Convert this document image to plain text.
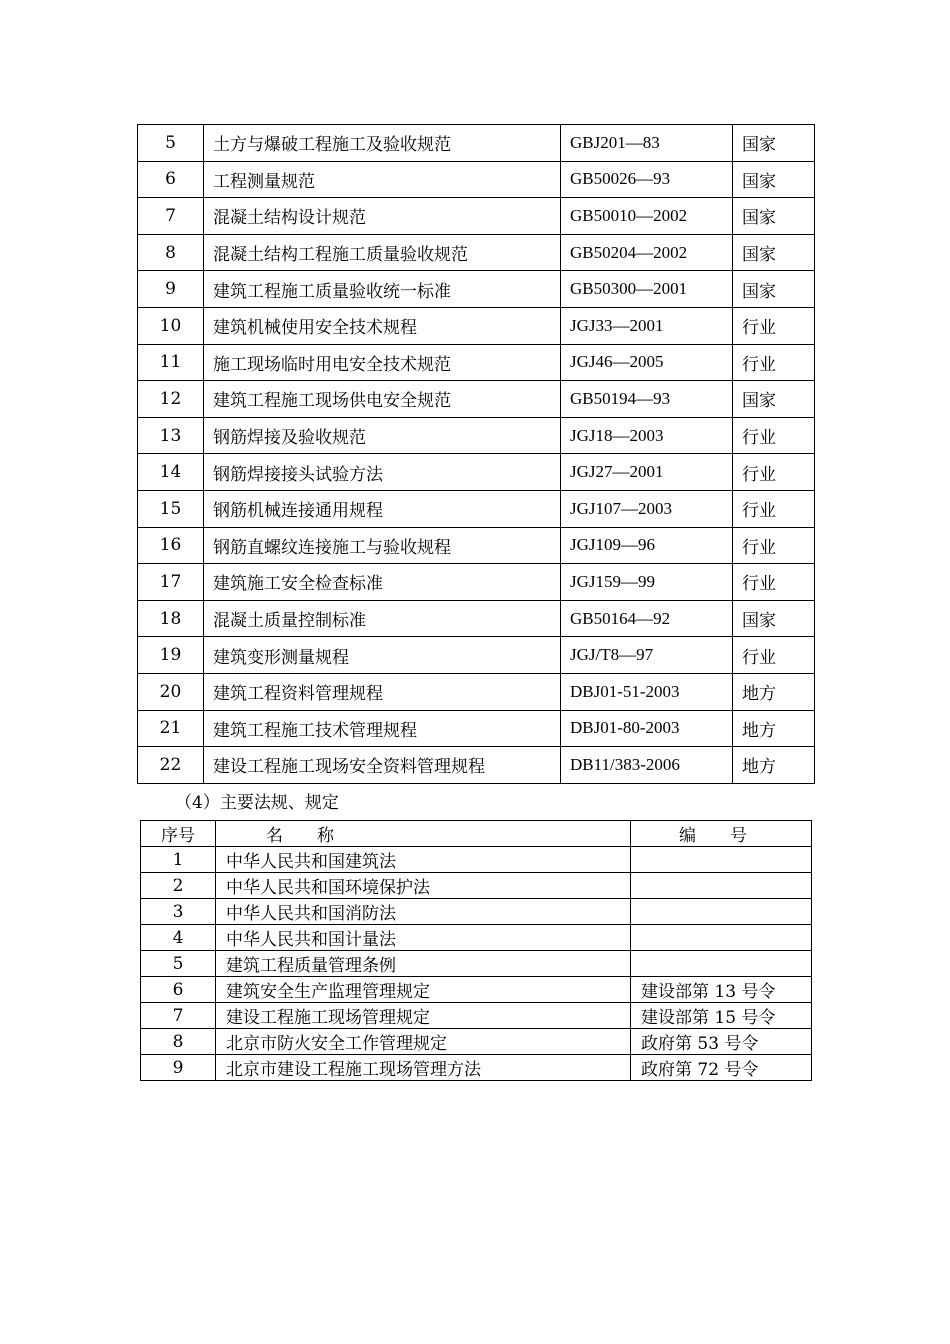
5	土方与爆破工程施工及验收规范	GBJ201—83	国家
6	工程测量规范	GB50026—93	国家
7	混凝土结构设计规范	GB50010—2002	国家
8	混凝土结构工程施工质量验收规范	GB50204—2002	国家
9	建筑工程施工质量验收统一标准	GB50300—2001	国家
10	建筑机械使用安全技术规程	JGJ33—2001	行业
11	施工现场临时用电安全技术规范	JGJ46—2005	行业
12	建筑工程施工现场供电安全规范	GB50194—93	国家
13	钢筋焊接及验收规范	JGJ18—2003	行业
14	钢筋焊接接头试验方法	JGJ27—2001	行业
15	钢筋机械连接通用规程	JGJ107—2003	行业
16	钢筋直螺纹连接施工与验收规程	JGJ109—96	行业
17	建筑施工安全检查标准	JGJ159—99	行业
18	混凝土质量控制标准	GB50164—92	国家
19	建筑变形测量规程	JGJ/T8—97	行业
20	建筑工程资料管理规程	DBJ01-51-2003	地方
21	建筑工程施工技术管理规程	DBJ01-80-2003	地方
22	建设工程施工现场安全资料管理规程	DB11/383-2006	地方
（4）主要法规、规定
序号	名　　称	编　　号
1	中华人民共和国建筑法	
2	中华人民共和国环境保护法	
3	中华人民共和国消防法	
4	中华人民共和国计量法	
5	建筑工程质量管理条例	
6	建筑安全生产监理管理规定	建设部第 13 号令
7	建设工程施工现场管理规定	建设部第 15 号令
8	北京市防火安全工作管理规定	政府第 53 号令
9	北京市建设工程施工现场管理方法	政府第 72 号令
